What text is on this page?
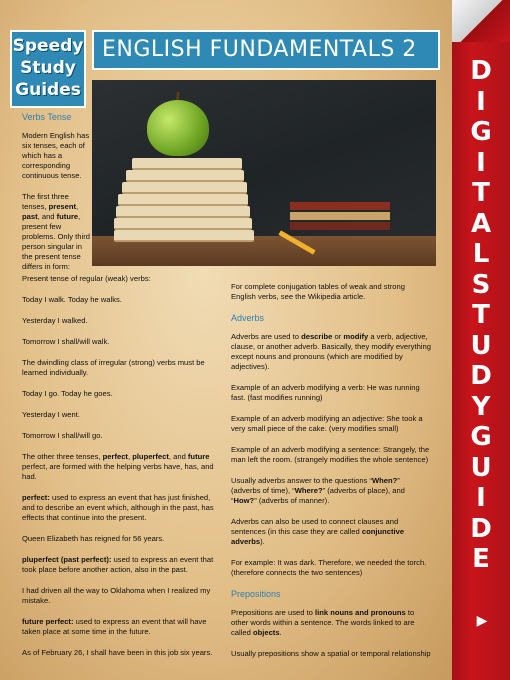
Speedy
Study
Guides
ENGLISH FUNDAMENTALS 2
Verbs Tense

Modern English has six tenses, each of which has a corresponding continuous tense.

The first three tenses, present, past, and future, present few problems. Only third person singular in the present tense differs in form:

Present tense of regular (weak) verbs:

Today I walk. Today he walks.

Yesterday I walked.

Tomorrow I shall/will walk.

The dwindling class of irregular (strong) verbs must be learned individually.

Today I go. Today he goes.

Yesterday I went.

Tomorrow I shall/will go.

The other three tenses, perfect, pluperfect, and future perfect, are formed with the helping verbs have, has, and had.

perfect: used to express an event that has just finished, and to describe an event which, although in the past, has effects that continue into the present.

Queen Elizabeth has reigned for 56 years.

pluperfect (past perfect): used to express an event that took place before another action, also in the past.

I had driven all the way to Oklahoma when I realized my mistake.

future perfect: used to express an event that will have taken place at some time in the future.

As of February 26, I shall have been in this job six years.

For complete conjugation tables of weak and strong English verbs, see the Wikipedia article.

Adverbs

Adverbs are used to describe or modify a verb, adjective, clause, or another adverb. Basically, they modify everything except nouns and pronouns (which are modified by adjectives).

Example of an adverb modifying a verb: He was running fast. (fast modifies running)

Example of an adverb modifying an adjective: She took a very small piece of the cake. (very modifies small)

Example of an adverb modifying a sentence: Strangely, the man left the room. (strangely modifies the whole sentence)

Usually adverbs answer to the questions “When?” (adverbs of time), “Where?” (adverbs of place), and “How?” (adverbs of manner).

Adverbs can also be used to connect clauses and sentences (in this case they are called conjunctive adverbs).

For example: It was dark. Therefore, we needed the torch. (therefore connects the two sentences)

Prepositions

Prepositions are used to link nouns and pronouns to other words within a sentence. The words linked to are called objects.

Usually prepositions show a spatial or temporal relationship

D
I
G
I
T
A
L
S
T
U
D
Y
G
U
I
D
E
▶
